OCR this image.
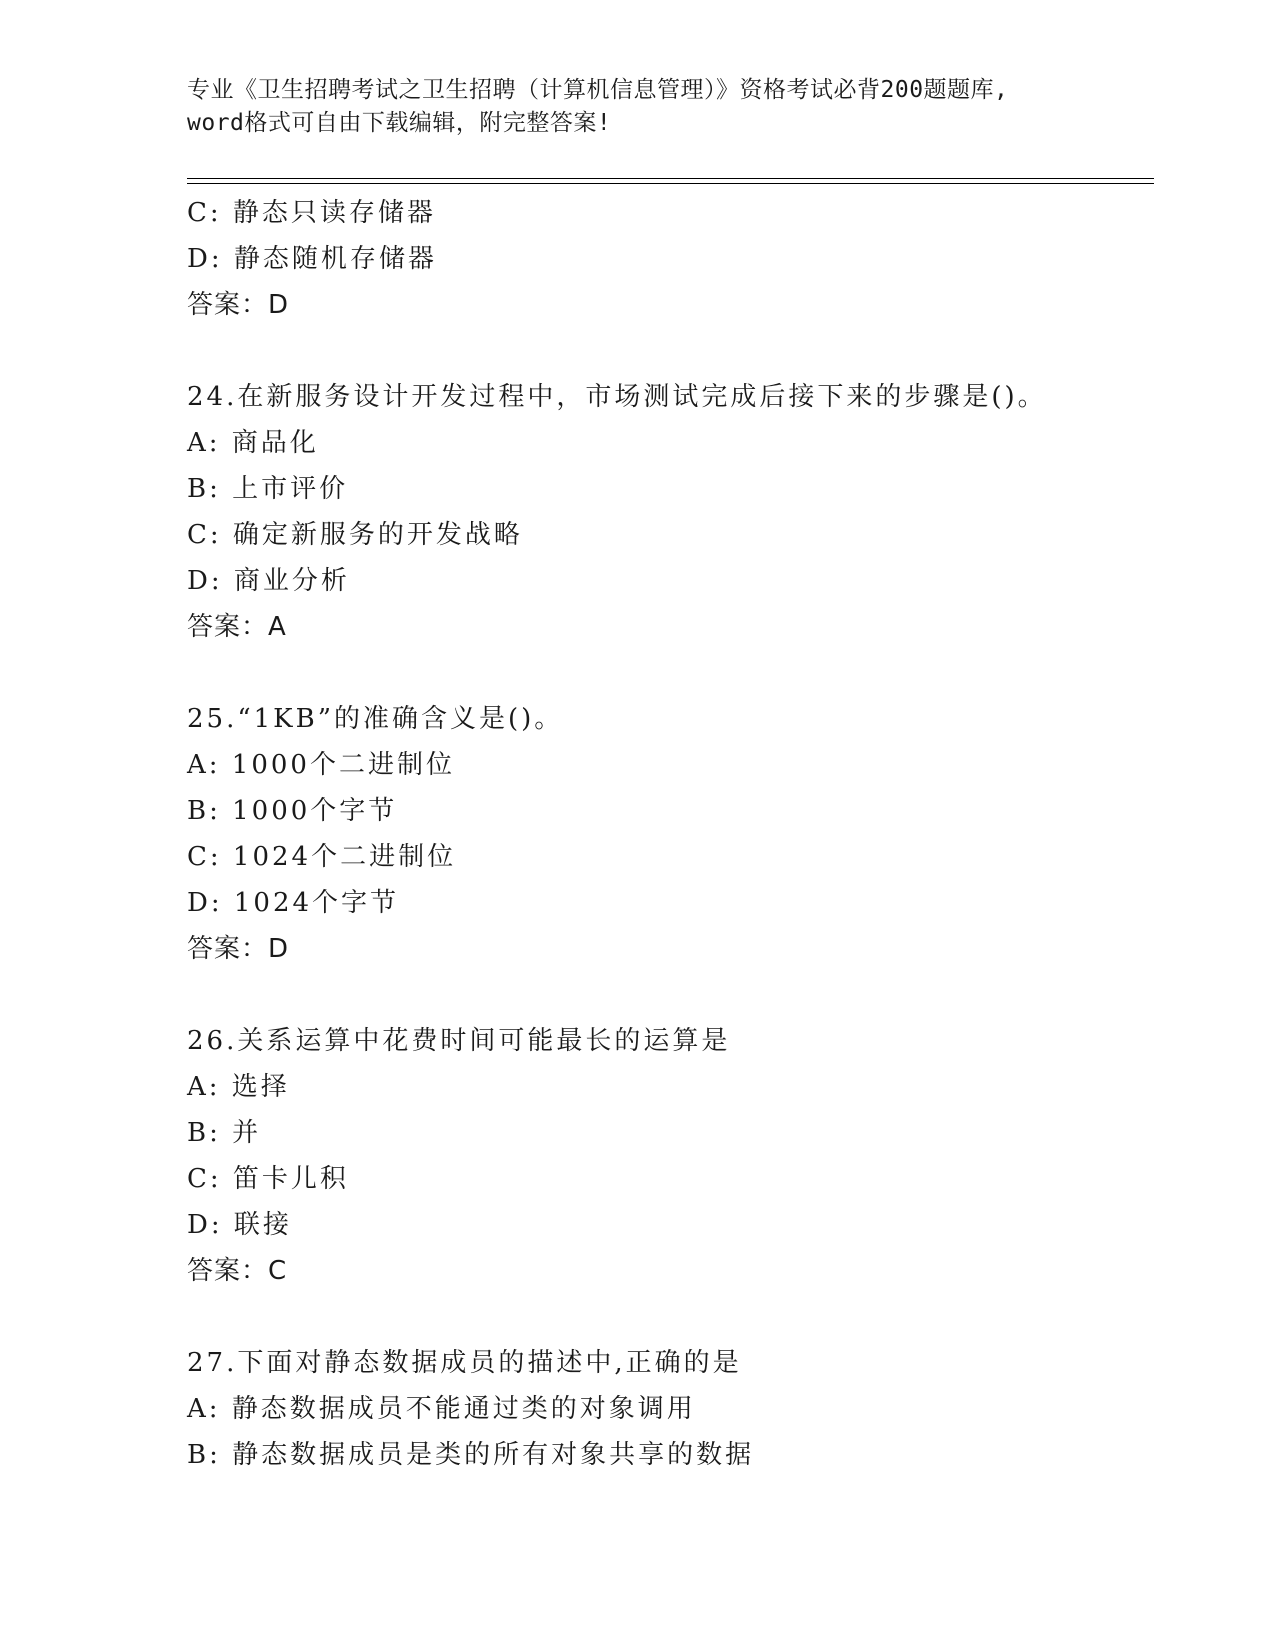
专业《卫生招聘考试之卫生招聘（计算机信息管理）》资格考试必背200题题库,
word格式可自由下载编辑，附完整答案!
C: 静态只读存储器
D: 静态随机存储器
答案：D
24.在新服务设计开发过程中，市场测试完成后接下来的步骤是()。
A: 商品化
B: 上市评价
C: 确定新服务的开发战略
D: 商业分析
答案：A
25.“1KB”的准确含义是()。
A: 1000个二进制位
B: 1000个字节
C: 1024个二进制位
D: 1024个字节
答案：D
26.关系运算中花费时间可能最长的运算是
A: 选择
B: 并
C: 笛卡儿积
D: 联接
答案：C
27.下面对静态数据成员的描述中,正确的是
A: 静态数据成员不能通过类的对象调用
B: 静态数据成员是类的所有对象共享的数据
